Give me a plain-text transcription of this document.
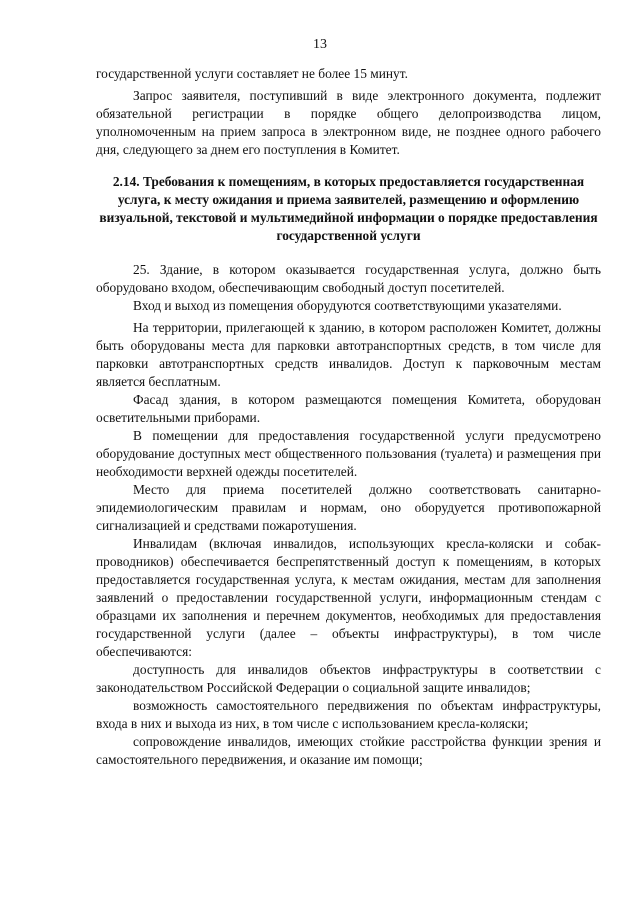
13

государственной услуги составляет не более 15 минут.

Запрос заявителя, поступивший в виде электронного документа, подлежит обязательной регистрации в порядке общего делопроизводства лицом, уполномоченным на прием запроса в электронном виде, не позднее одного рабочего дня, следующего за днем его поступления в Комитет.

2.14. Требования к помещениям, в которых предоставляется государственная услуга, к месту ожидания и приема заявителей, размещению и оформлению визуальной, текстовой и мультимедийной информации о порядке предоставления государственной услуги

25. Здание, в котором оказывается государственная услуга, должно быть оборудовано входом, обеспечивающим свободный доступ посетителей.

Вход и выход из помещения оборудуются соответствующими указателями.

На территории, прилегающей к зданию, в котором расположен Комитет, должны быть оборудованы места для парковки автотранспортных средств, в том числе для парковки автотранспортных средств инвалидов. Доступ к парковочным местам является бесплатным.

Фасад здания, в котором размещаются помещения Комитета, оборудован осветительными приборами.

В помещении для предоставления государственной услуги предусмотрено оборудование доступных мест общественного пользования (туалета) и размещения при необходимости верхней одежды посетителей.

Место для приема посетителей должно соответствовать санитарно-эпидемиологическим правилам и нормам, оно оборудуется противопожарной сигнализацией и средствами пожаротушения.

Инвалидам (включая инвалидов, использующих кресла-коляски и собак-проводников) обеспечивается беспрепятственный доступ к помещениям, в которых предоставляется государственная услуга, к местам ожидания, местам для заполнения заявлений о предоставлении государственной услуги, информационным стендам с образцами их заполнения и перечнем документов, необходимых для предоставления государственной услуги (далее – объекты инфраструктуры), в том числе обеспечиваются:

доступность для инвалидов объектов инфраструктуры в соответствии с законодательством Российской Федерации о социальной защите инвалидов;

возможность самостоятельного передвижения по объектам инфраструктуры, входа в них и выхода из них, в том числе с использованием кресла-коляски;

сопровождение инвалидов, имеющих стойкие расстройства функции зрения и самостоятельного передвижения, и оказание им помощи;
